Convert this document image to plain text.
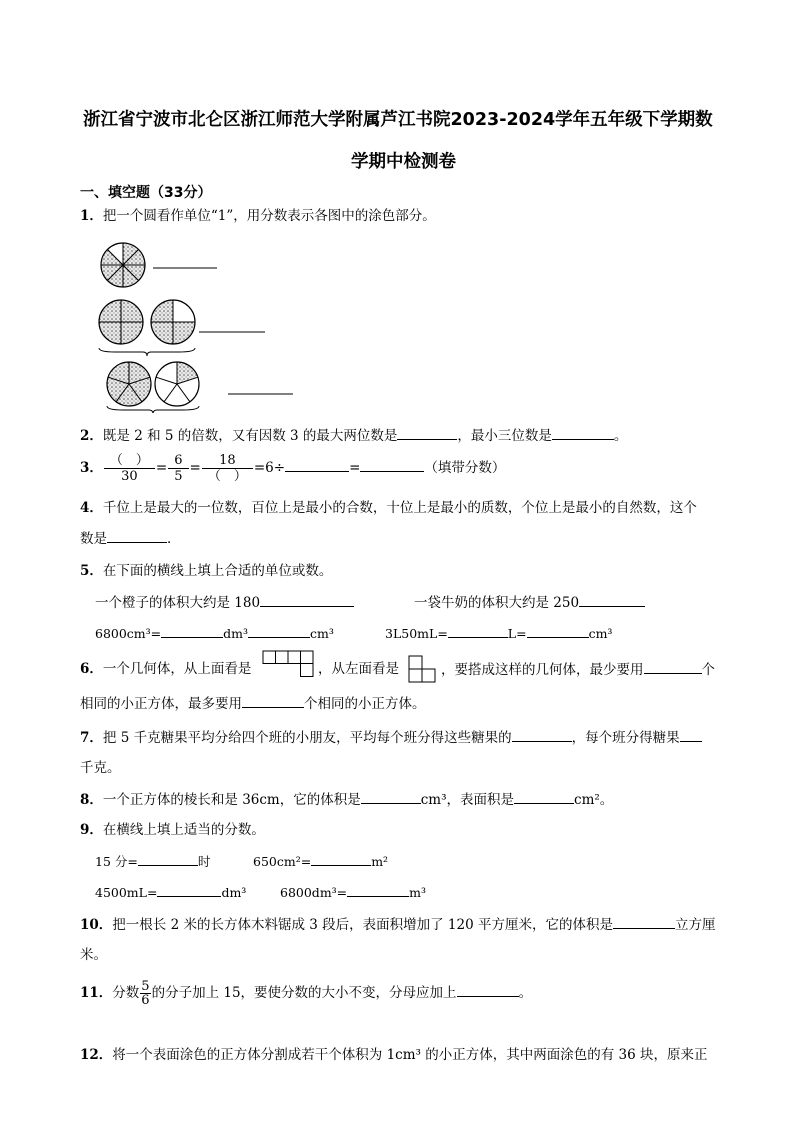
浙江省宁波市北仑区浙江师范大学附属芦江书院2023-2024学年五年级下学期数
学期中检测卷
一、填空题（33分）
1．把一个圆看作单位“1”，用分数表示各图中的涂色部分。
2．既是 2 和 5 的倍数，又有因数 3 的最大两位数是	，最小三位数是	。
3． $\frac{( )}{30} = \frac{6}{5} = \frac{18}{( )} =6\div$	=	（填带分数）
4．千位上是最大的一位数，百位上是最小的合数，十位上是最小的质数，个位上是最小的自然数，这个
数是	．
5．在下面的横线上填上合适的单位或数。
一个橙子的体积大约是 180	一袋牛奶的体积大约是 250
6800cm³=	dm³	cm³	3L50mL=	L=	cm³
6．一个几何体，从上面看是	，从左面看是	，要搭成这样的几何体，最少要用	个
相同的小正方体，最多要用	个相同的小正方体。
7．把 5 千克糖果平均分给四个班的小朋友，平均每个班分得这些糖果的	，每个班分得糖果
千克。
8．一个正方体的棱长和是 36cm，它的体积是	cm³，表面积是	cm²。
9．在横线上填上适当的分数。
15 分=	时	650cm²=	m²
4500mL=	dm³	6800dm³=	m³
10．把一根长 2 米的长方体木料锯成 3 段后，表面积增加了 120 平方厘米，它的体积是	立方厘
米。
11．分数 $\frac{5}{6}$ 的分子加上 15，要使分数的大小不变，分母应加上	。
12．将一个表面涂色的正方体分割成若干个体积为 1cm³ 的小正方体，其中两面涂色的有 36 块，原来正
